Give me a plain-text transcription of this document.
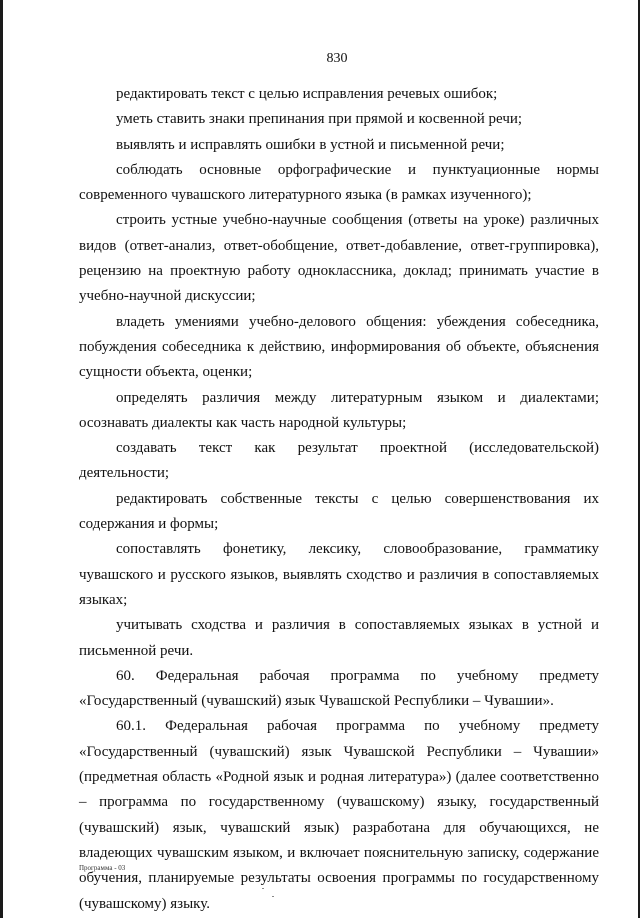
830

редактировать текст с целью исправления речевых ошибок;

уметь ставить знаки препинания при прямой и косвенной речи;

выявлять и исправлять ошибки в устной и письменной речи;

соблюдать основные орфографические и пунктуационные нормы современного чувашского литературного языка (в рамках изученного);

строить устные учебно-научные сообщения (ответы на уроке) различных видов (ответ-анализ, ответ-обобщение, ответ-добавление, ответ-группировка), рецензию на проектную работу одноклассника, доклад; принимать участие в учебно-научной дискуссии;

владеть умениями учебно-делового общения: убеждения собеседника, побуждения собеседника к действию, информирования об объекте, объяснения сущности объекта, оценки;

определять различия между литературным языком и диалектами; осознавать диалекты как часть народной культуры;

создавать текст как результат проектной (исследовательской) деятельности;

редактировать собственные тексты с целью совершенствования их содержания и формы;

сопоставлять фонетику, лексику, словообразование, грамматику чувашского и русского языков, выявлять сходство и различия в сопоставляемых языках;

учитывать сходства и различия в сопоставляемых языках в устной и письменной речи.

60. Федеральная рабочая программа по учебному предмету «Государственный (чувашский) язык Чувашской Республики – Чувашии».

60.1. Федеральная рабочая программа по учебному предмету «Государственный (чувашский) язык Чувашской Республики – Чувашии» (предметная область «Родной язык и родная литература») (далее соответственно – программа по государственному (чувашскому) языку, государственный (чувашский) язык, чувашский язык) разработана для обучающихся, не владеющих чувашским языком, и включает пояснительную записку, содержание обучения, планируемые результаты освоения программы по государственному (чувашскому) языку.

Программа - 03
